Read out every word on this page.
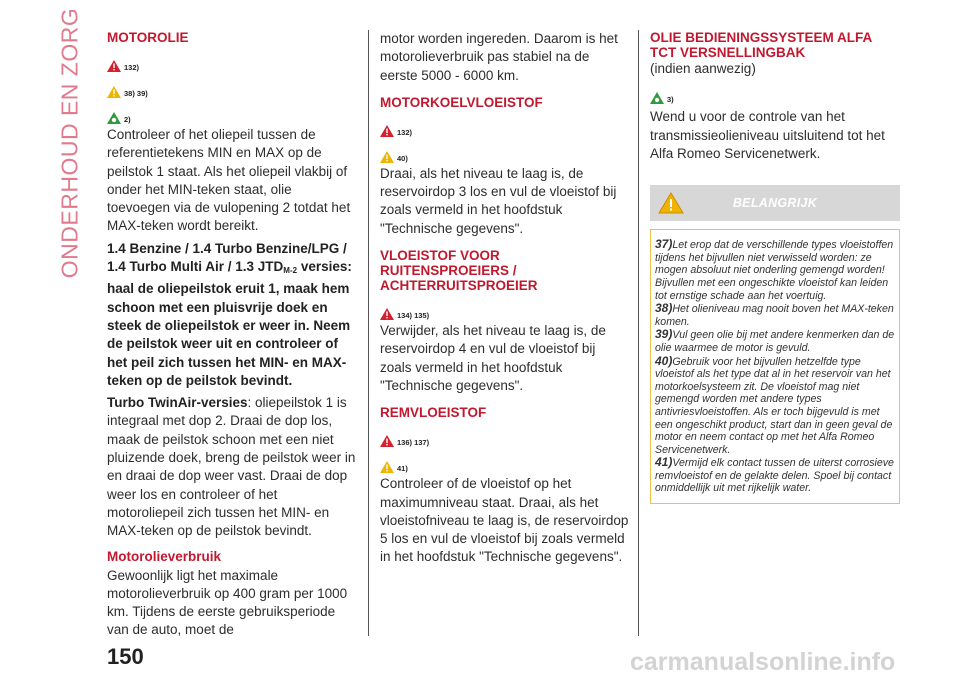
ONDERHOUD EN ZORG MOTOROLIE
132)
38) 39)
2)

Controleer of het oliepeil tussen de referentietekens MIN en MAX op de peilstok 1 staat. Als het oliepeil vlakbij of onder het MIN-teken staat, olie toevoegen via de vulopening 2 totdat het MAX-teken wordt bereikt.

1.4 Benzine / 1.4 Turbo Benzine/LPG / 1.4 Turbo Multi Air / 1.3 $JTD_{M-2}$ versies: haal de oliepeilstok eruit 1, maak hem schoon met een pluisvrije doek en steek de oliepeilstok er weer in. Neem de peilstok weer uit en controleer of het peil zich tussen het MIN- en MAX-teken op de peilstok bevindt.

Turbo TwinAir-versies: oliepeilstok 1 is integraal met dop 2. Draai de dop los, maak de peilstok schoon met een niet pluizende doek, breng de peilstok weer in en draai de dop weer vast. Draai de dop weer los en controleer of het motoroliepeil zich tussen het MIN- en MAX-teken op de peilstok bevindt.

Motorolieverbruik

Gewoonlijk ligt het maximale motorolieverbruik op 400 gram per 1000 km. Tijdens de eerste gebruiksperiode van de auto, moet de

motor worden ingereden. Daarom is het motorolieverbruik pas stabiel na de eerste 5000 - 6000 km.

MOTORKOELVLOEISTOF
132)
40)

Draai, als het niveau te laag is, de reservoirdop 3 los en vul de vloeistof bij zoals vermeld in het hoofdstuk "Technische gegevens".

VLOEISTOF VOOR RUITENSPROEIERS / ACHTERRUITSPROEIER
134) 135)

Verwijder, als het niveau te laag is, de reservoirdop 4 en vul de vloeistof bij zoals vermeld in het hoofdstuk "Technische gegevens".

REMVLOEISTOF
136) 137)
41)

Controleer of de vloeistof op het maximumniveau staat. Draai, als het vloeistofniveau te laag is, de reservoirdop 5 los en vul de vloeistof bij zoals vermeld in het hoofdstuk "Technische gegevens".

OLIE BEDIENINGSSYSTEEM ALFA TCT VERSNELLINGBAK

(indien aanwezig)

3)

Wend u voor de controle van het transmissieolieniveau uitsluitend tot het Alfa Romeo Servicenetwerk.

BELANGRIJK

37)Let erop dat de verschillende types vloeistoffen tijdens het bijvullen niet verwisseld worden: ze mogen absoluut niet onderling gemengd worden! Bijvullen met een ongeschikte vloeistof kan leiden tot ernstige schade aan het voertuig.

38)Het olieniveau mag nooit boven het MAX-teken komen.

39)Vul geen olie bij met andere kenmerken dan de olie waarmee de motor is gevuld.

40)Gebruik voor het bijvullen hetzelfde type vloeistof als het type dat al in het reservoir van het motorkoelsysteem zit. De vloeistof mag niet gemengd worden met andere types antivriesvloeistoffen. Als er toch bijgevuld is met een ongeschikt product, start dan in geen geval de motor en neem contact op met het Alfa Romeo Servicenetwerk.

41)Vermijd elk contact tussen de uiterst corrosieve remvloeistof en de gelakte delen. Spoel bij contact onmiddellijk uit met rijkelijk water.

150	carmanualsonline.info
